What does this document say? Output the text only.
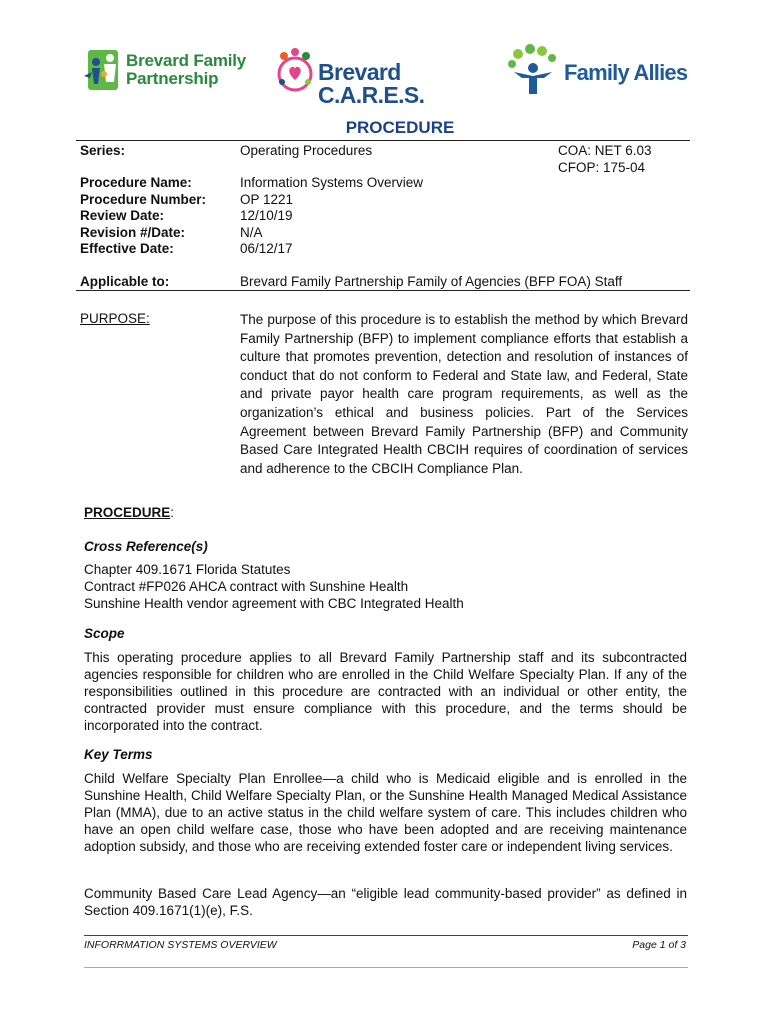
Brevard Family
Partnership	Brevard C.A.R.E.S.
Family Allies
PROCEDURE
Series:	Operating Procedures	COA: NET 6.03
CFOP: 175-04
Procedure Name:	Information Systems Overview
Procedure Number:	OP 1221
Review Date:	12/10/19
Revision #/Date:	N/A
Effective Date:	06/12/17
Applicable to:	Brevard Family Partnership Family of Agencies (BFP FOA) Staff
PURPOSE:	The purpose of this procedure is to establish the method by which Brevard Family Partnership (BFP) to implement compliance efforts that establish a culture that promotes prevention, detection and resolution of instances of conduct that do not conform to Federal and State law, and Federal, State and private payor health care program requirements, as well as the organization’s ethical and business policies. Part of the Services Agreement between Brevard Family Partnership (BFP) and Community Based Care Integrated Health CBCIH requires of coordination of services and adherence to the CBCIH Compliance Plan.
PROCEDURE:
Cross Reference(s)
Chapter 409.1671 Florida Statutes
Contract #FP026 AHCA contract with Sunshine Health
Sunshine Health vendor agreement with CBC Integrated Health
Scope
This operating procedure applies to all Brevard Family Partnership staff and its subcontracted agencies responsible for children who are enrolled in the Child Welfare Specialty Plan. If any of the responsibilities outlined in this procedure are contracted with an individual or other entity, the contracted provider must ensure compliance with this procedure, and the terms should be incorporated into the contract.
Key Terms
Child Welfare Specialty Plan Enrollee—a child who is Medicaid eligible and is enrolled in the Sunshine Health, Child Welfare Specialty Plan, or the Sunshine Health Managed Medical Assistance Plan (MMA), due to an active status in the child welfare system of care. This includes children who have an open child welfare case, those who have been adopted and are receiving maintenance adoption subsidy, and those who are receiving extended foster care or independent living services.
Community Based Care Lead Agency—an “eligible lead community-based provider” as defined in Section 409.1671(1)(e), F.S.
INFORRMATION SYSTEMS OVERVIEW	Page 1 of 3
